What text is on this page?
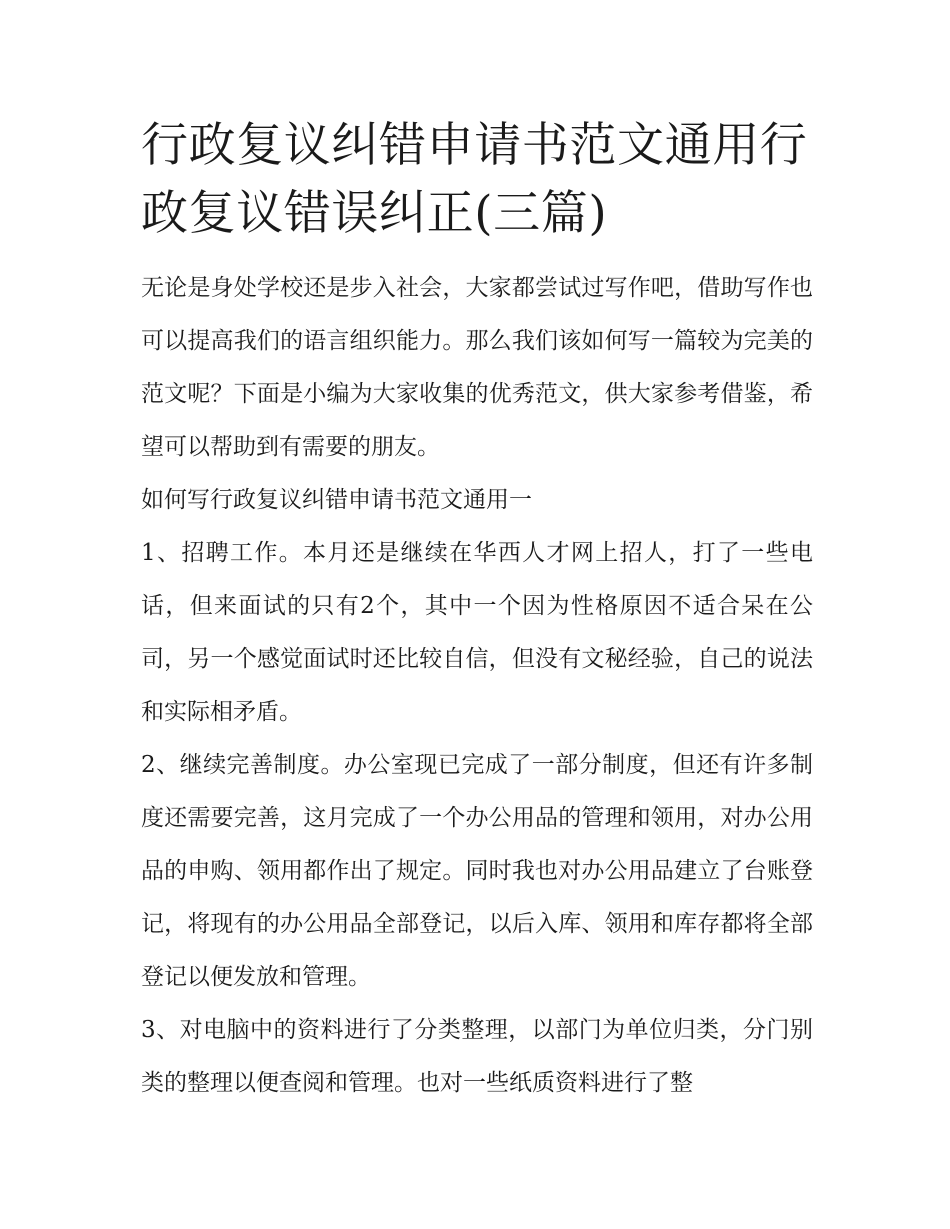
行政复议纠错申请书范文通用行政复议错误纠正(三篇)

无论是身处学校还是步入社会，大家都尝试过写作吧，借助写作也可以提高我们的语言组织能力。那么我们该如何写一篇较为完美的范文呢？下面是小编为大家收集的优秀范文，供大家参考借鉴，希望可以帮助到有需要的朋友。

如何写行政复议纠错申请书范文通用一

1、招聘工作。本月还是继续在华西人才网上招人，打了一些电话，但来面试的只有2个，其中一个因为性格原因不适合呆在公司，另一个感觉面试时还比较自信，但没有文秘经验，自己的说法和实际相矛盾。

2、继续完善制度。办公室现已完成了一部分制度，但还有许多制度还需要完善，这月完成了一个办公用品的管理和领用，对办公用品的申购、领用都作出了规定。同时我也对办公用品建立了台账登记，将现有的办公用品全部登记，以后入库、领用和库存都将全部登记以便发放和管理。

3、对电脑中的资料进行了分类整理，以部门为单位归类，分门别类的整理以便查阅和管理。也对一些纸质资料进行了整
